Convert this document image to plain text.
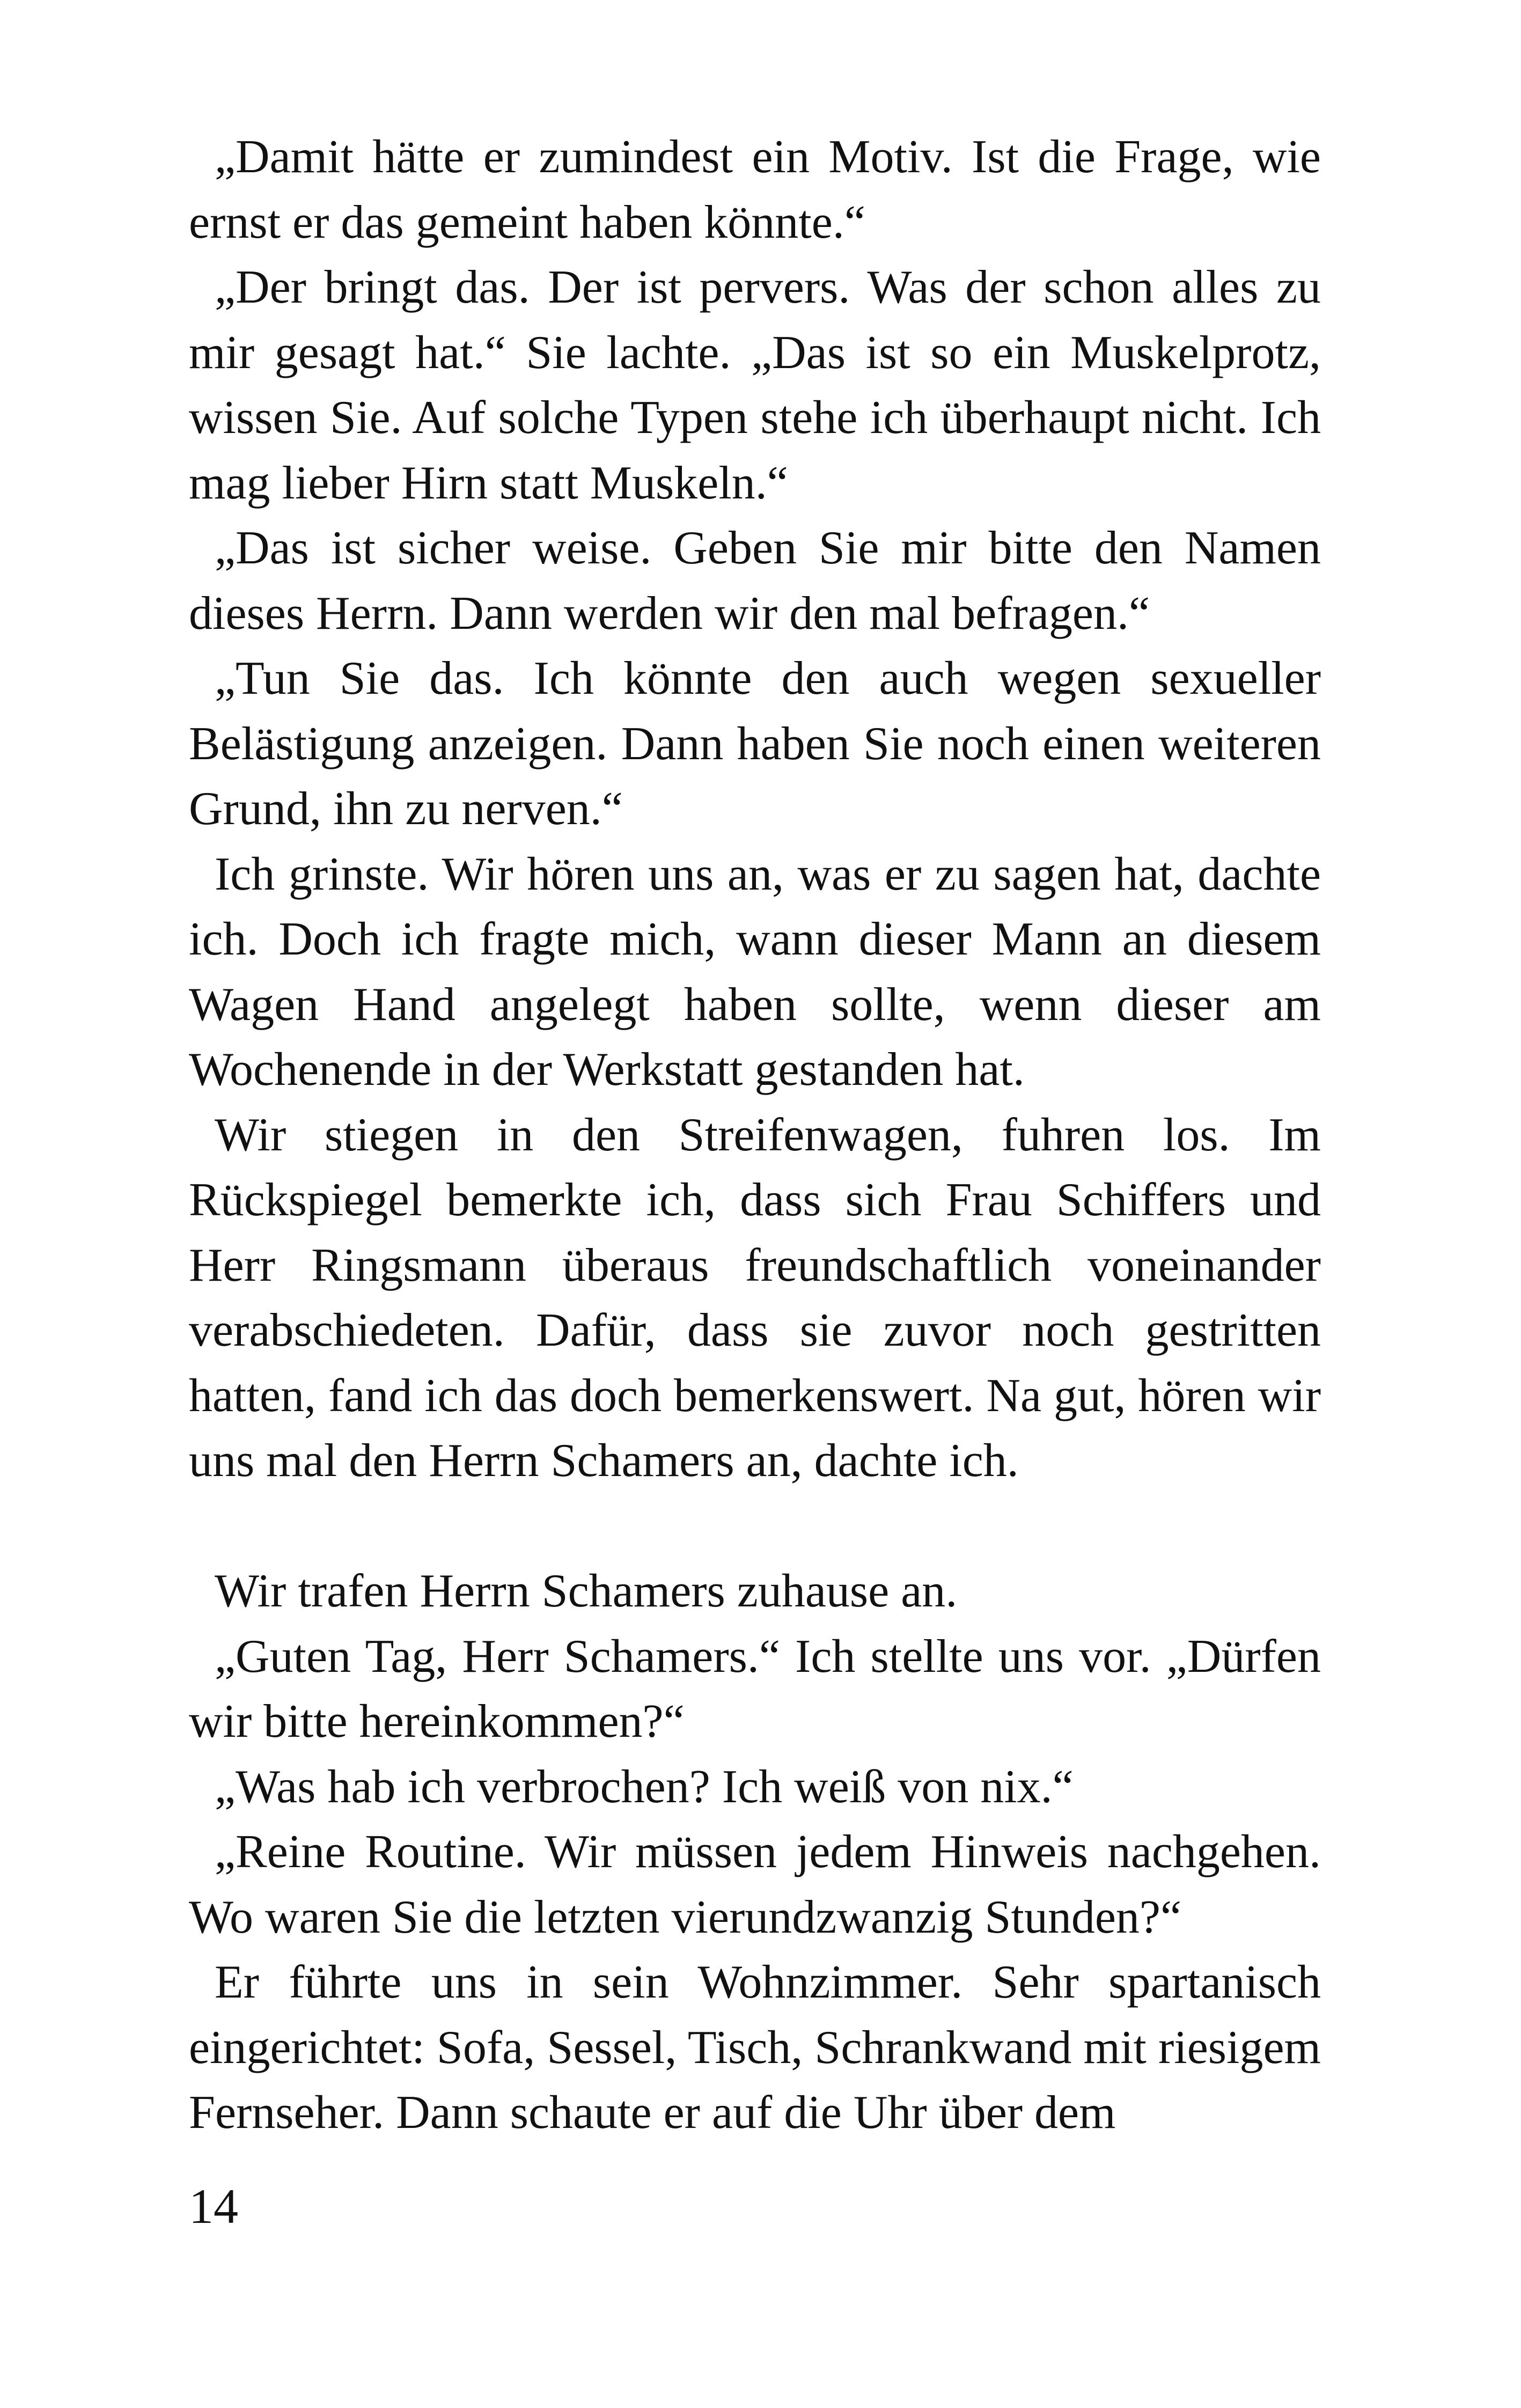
„Damit hätte er zumindest ein Motiv. Ist die Frage, wie ernst er das gemeint haben könnte.“

„Der bringt das. Der ist pervers. Was der schon alles zu mir gesagt hat.“ Sie lachte. „Das ist so ein Muskelprotz, wissen Sie. Auf solche Typen stehe ich überhaupt nicht. Ich mag lieber Hirn statt Muskeln.“

„Das ist sicher weise. Geben Sie mir bitte den Namen dieses Herrn. Dann werden wir den mal befragen.“

„Tun Sie das. Ich könnte den auch wegen sexueller Belästigung anzeigen. Dann haben Sie noch einen weiteren Grund, ihn zu nerven.“

Ich grinste. Wir hören uns an, was er zu sagen hat, dachte ich. Doch ich fragte mich, wann dieser Mann an diesem Wagen Hand angelegt haben sollte, wenn dieser am Wochenende in der Werkstatt gestanden hat.

Wir stiegen in den Streifenwagen, fuhren los. Im Rückspiegel bemerkte ich, dass sich Frau Schiffers und Herr Ringsmann überaus freundschaftlich voneinander verabschiedeten. Dafür, dass sie zuvor noch gestritten hatten, fand ich das doch bemerkenswert. Na gut, hören wir uns mal den Herrn Schamers an, dachte ich.

Wir trafen Herrn Schamers zuhause an.

„Guten Tag, Herr Schamers.“ Ich stellte uns vor. „Dürfen wir bitte hereinkommen?“

„Was hab ich verbrochen? Ich weiß von nix.“

„Reine Routine. Wir müssen jedem Hinweis nachgehen. Wo waren Sie die letzten vierundzwanzig Stunden?“

Er führte uns in sein Wohnzimmer. Sehr spartanisch eingerichtet: Sofa, Sessel, Tisch, Schrankwand mit riesigem Fernseher. Dann schaute er auf die Uhr über dem

14
